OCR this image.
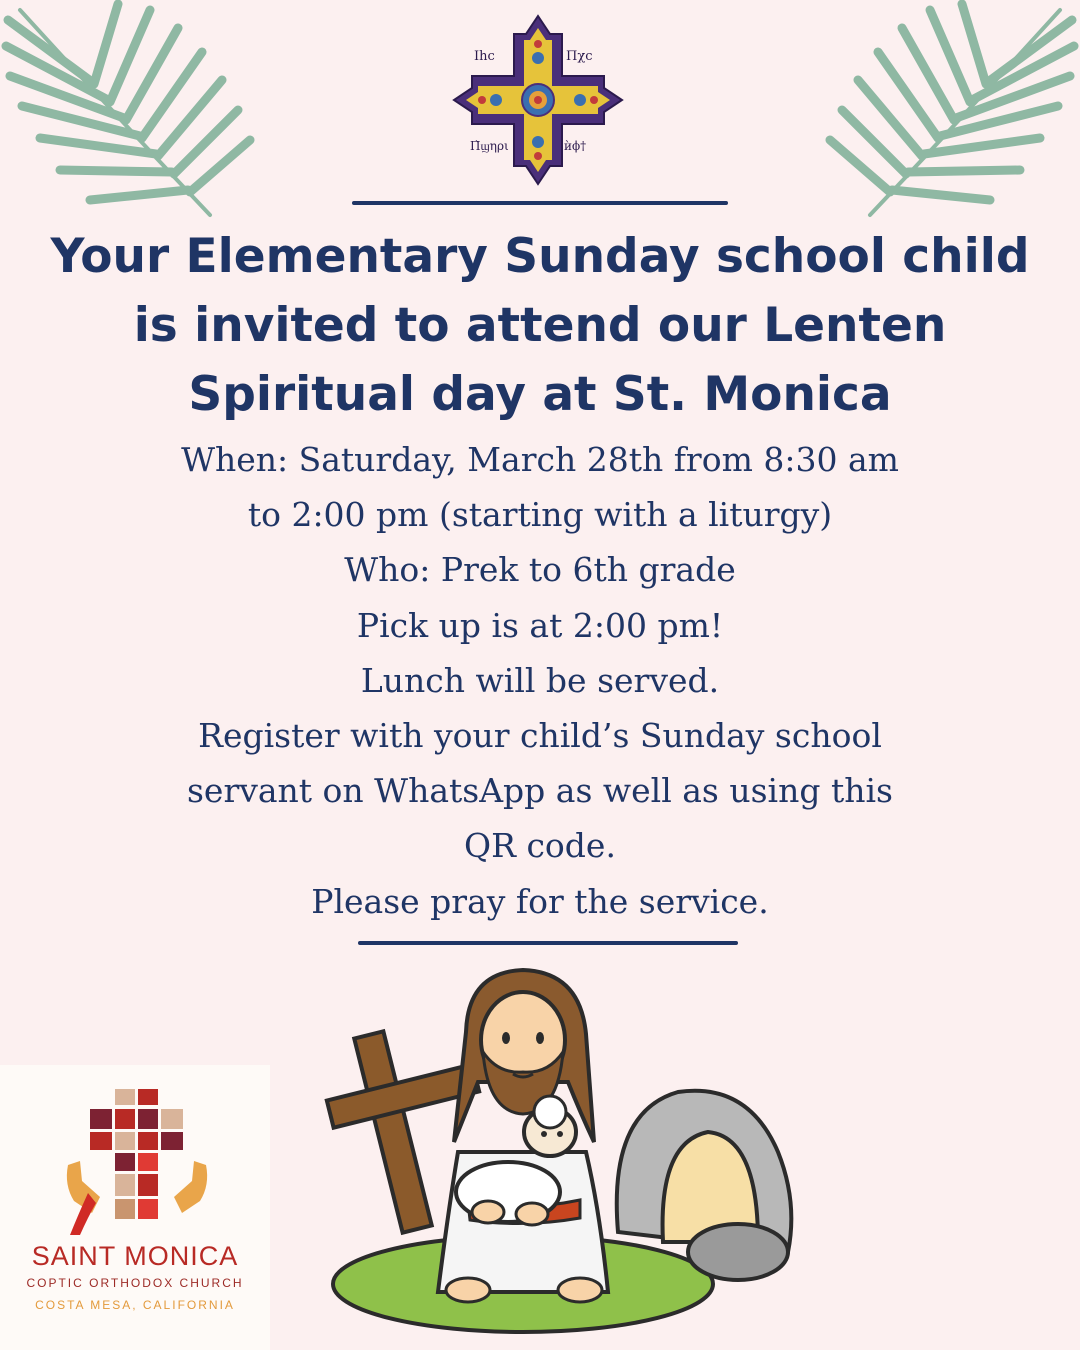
Ihc	Πχc
Π̀ϣηρι	ѝϕ†
Your Elementary Sunday school child
is invited to attend our Lenten
Spiritual day at St. Monica
When: Saturday, March 28th from 8:30 am
to 2:00 pm (starting with a liturgy)
Who: Prek to 6th grade
Pick up is at 2:00 pm!
Lunch will be served.
Register with your child’s Sunday school
servant on WhatsApp as well as using this
QR code.
Please pray for the service.
SAINT MONICA
COPTIC ORTHODOX CHURCH
COSTA MESA, CALIFORNIA
